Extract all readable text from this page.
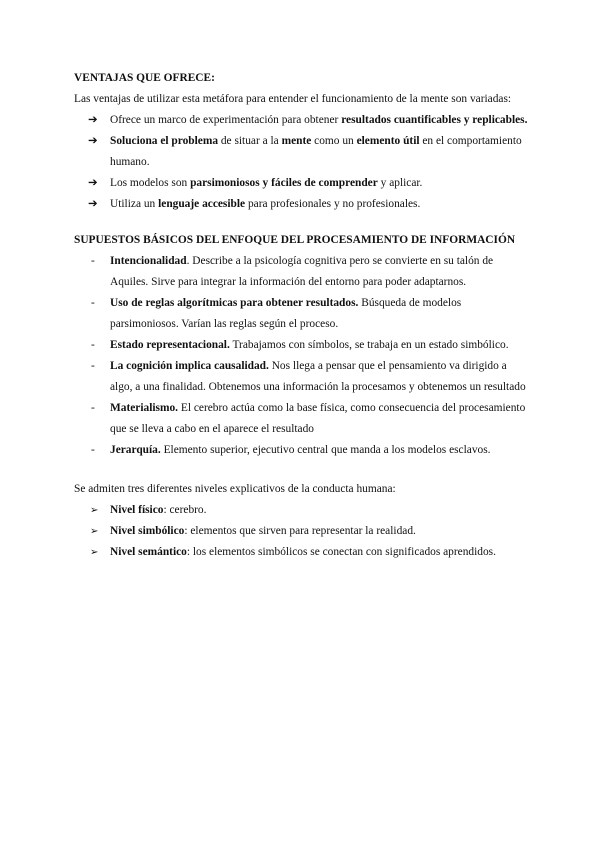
VENTAJAS QUE OFRECE:

Las ventajas de utilizar esta metáfora para entender el funcionamiento de la mente son variadas:

➔	Ofrece un marco de experimentación para obtener resultados cuantificables y replicables.
➔	Soluciona el problema de situar a la mente como un elemento útil en el comportamiento humano.
➔	Los modelos son parsimoniosos y fáciles de comprender y aplicar.
➔	Utiliza un lenguaje accesible para profesionales y no profesionales.

SUPUESTOS BÁSICOS DEL ENFOQUE DEL PROCESAMIENTO DE INFORMACIÓN

- Intencionalidad. Describe a la psicología cognitiva pero se convierte en su talón de Aquiles. Sirve para integrar la información del entorno para poder adaptarnos.
- Uso de reglas algorítmicas para obtener resultados. Búsqueda de modelos parsimoniosos. Varían las reglas según el proceso.
- Estado representacional. Trabajamos con símbolos, se trabaja en un estado simbólico.
- La cognición implica causalidad. Nos llega a pensar que el pensamiento va dirigido a algo, a una finalidad. Obtenemos una información la procesamos y obtenemos un resultado
- Materialismo. El cerebro actúa como la base física, como consecuencia del procesamiento que se lleva a cabo en el aparece el resultado
- Jerarquía. Elemento superior, ejecutivo central que manda a los modelos esclavos.

Se admiten tres diferentes niveles explicativos de la conducta humana:

➢ Nivel físico: cerebro.
➢ Nivel simbólico: elementos que sirven para representar la realidad.
➢ Nivel semántico: los elementos simbólicos se conectan con significados aprendidos.
